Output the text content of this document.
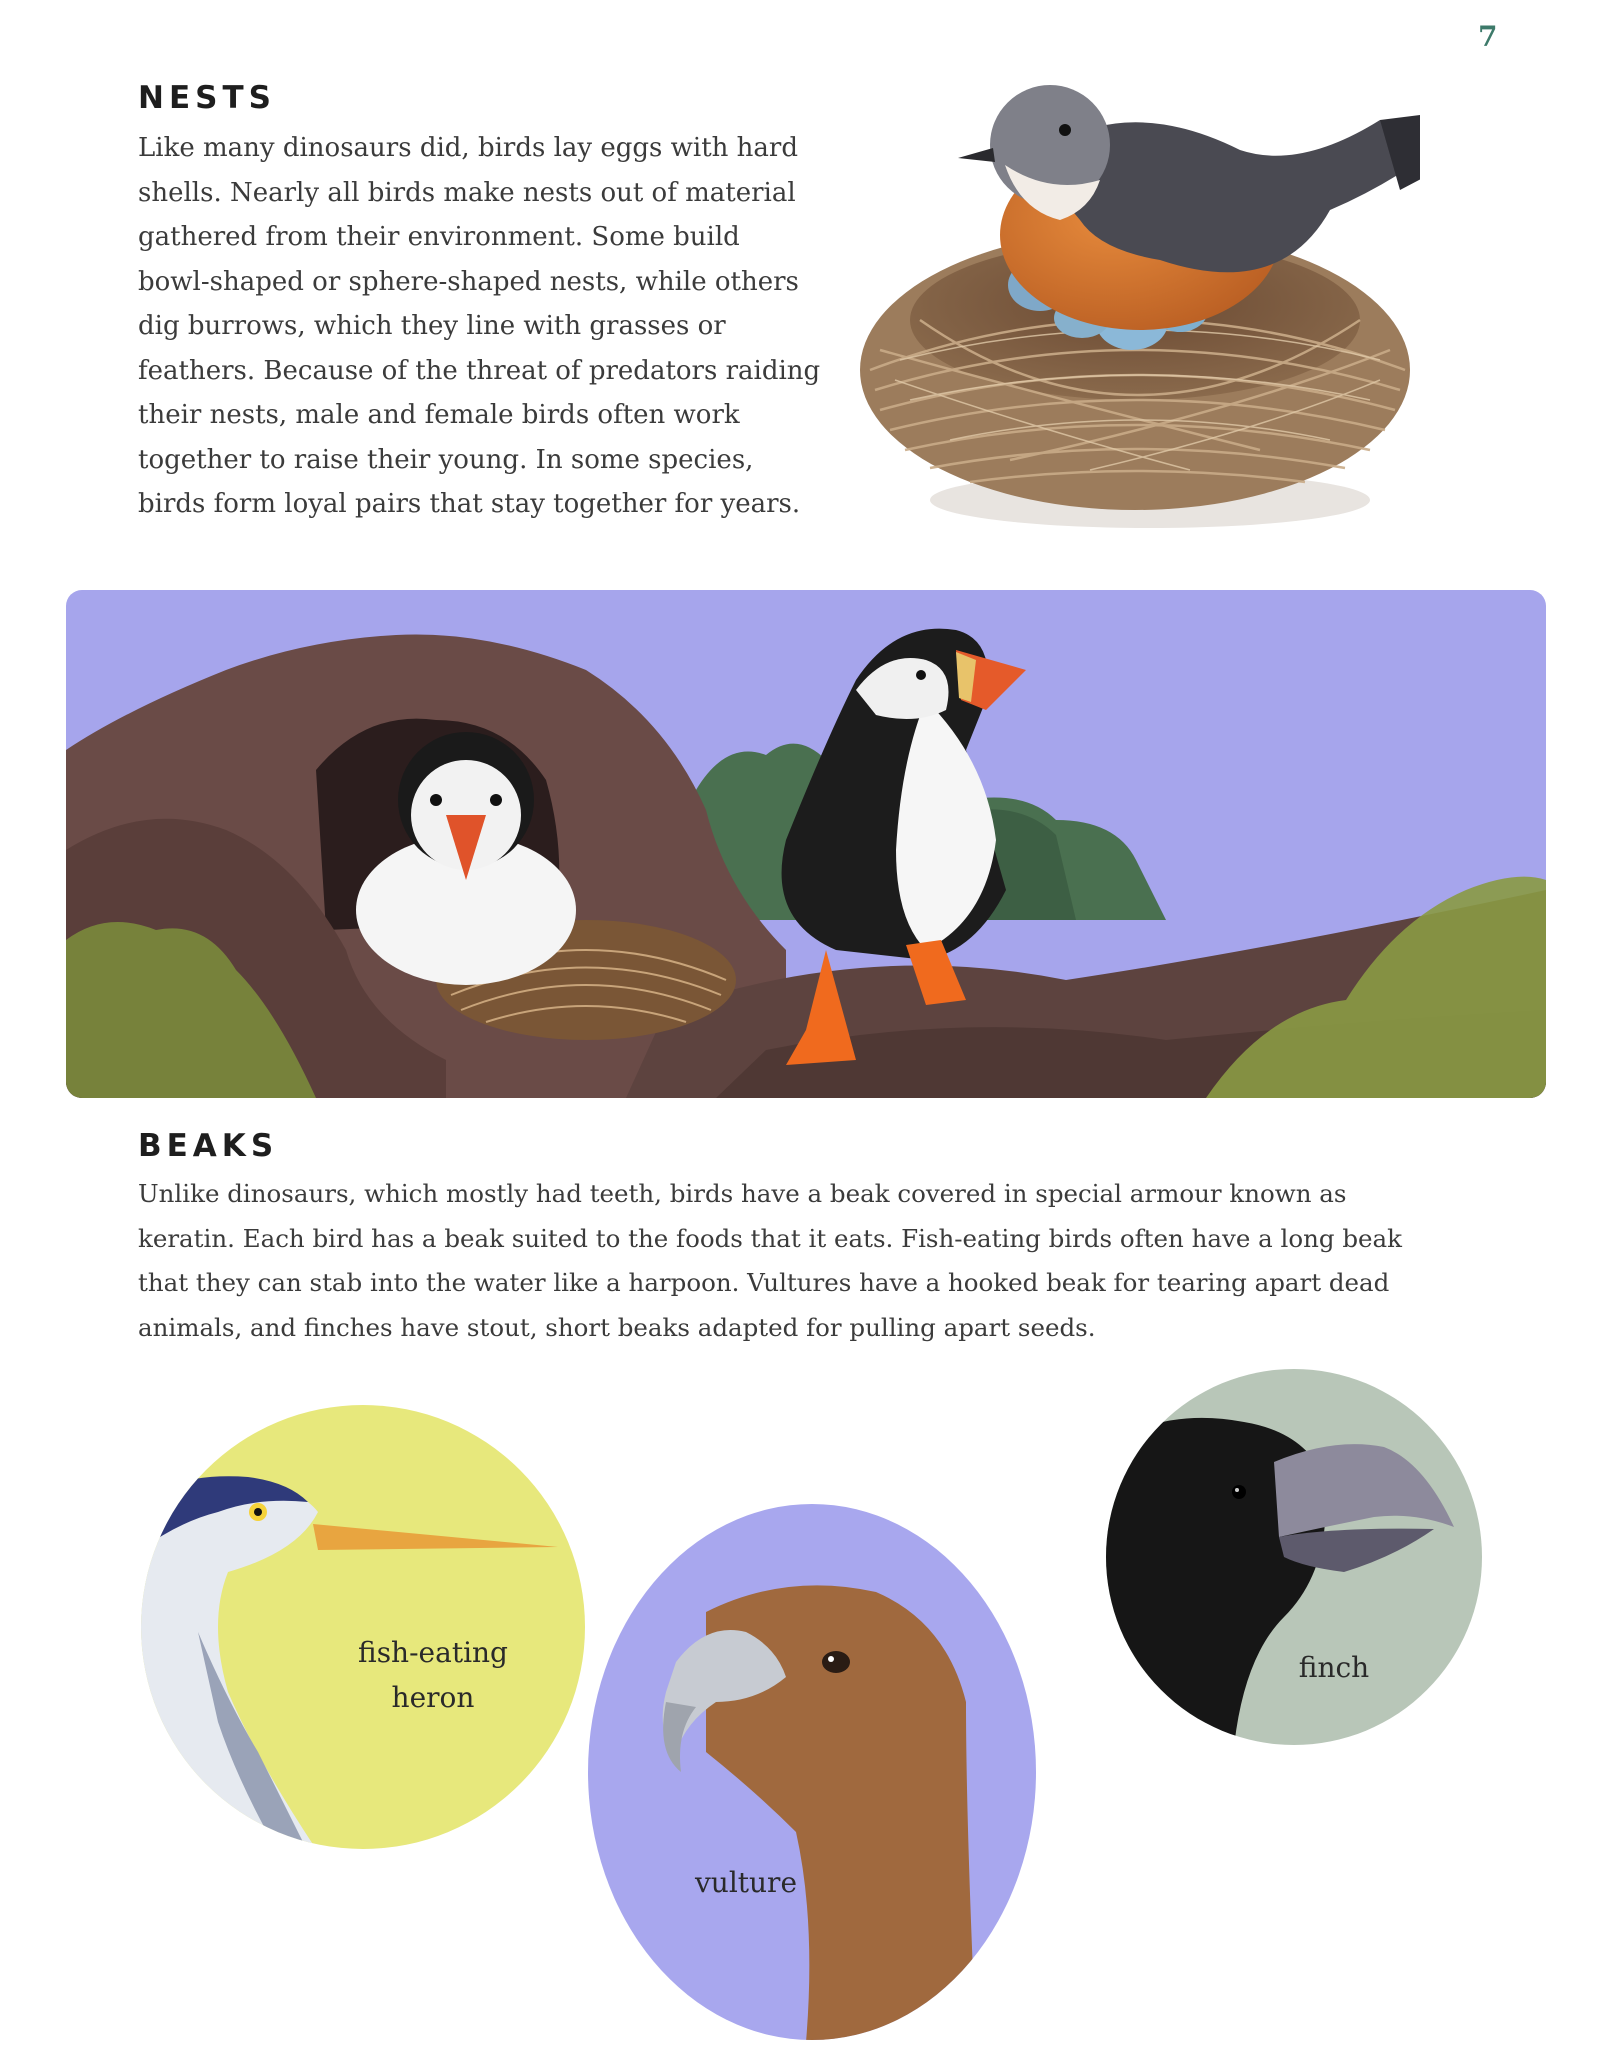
7
NESTS
Like many dinosaurs did, birds lay eggs with hard
shells. Nearly all birds make nests out of material
gathered from their environment. Some build
bowl-shaped or sphere-shaped nests, while others
dig burrows, which they line with grasses or
feathers. Because of the threat of predators raiding
their nests, male and female birds often work
together to raise their young. In some species,
birds form loyal pairs that stay together for years.
BEAKS
Unlike dinosaurs, which mostly had teeth, birds have a beak covered in special armour known as
keratin. Each bird has a beak suited to the foods that it eats. Fish-eating birds often have a long beak
that they can stab into the water like a harpoon. Vultures have a hooked beak for tearing apart dead
animals, and finches have stout, short beaks adapted for pulling apart seeds.
fish-eating
heron
vulture
finch
